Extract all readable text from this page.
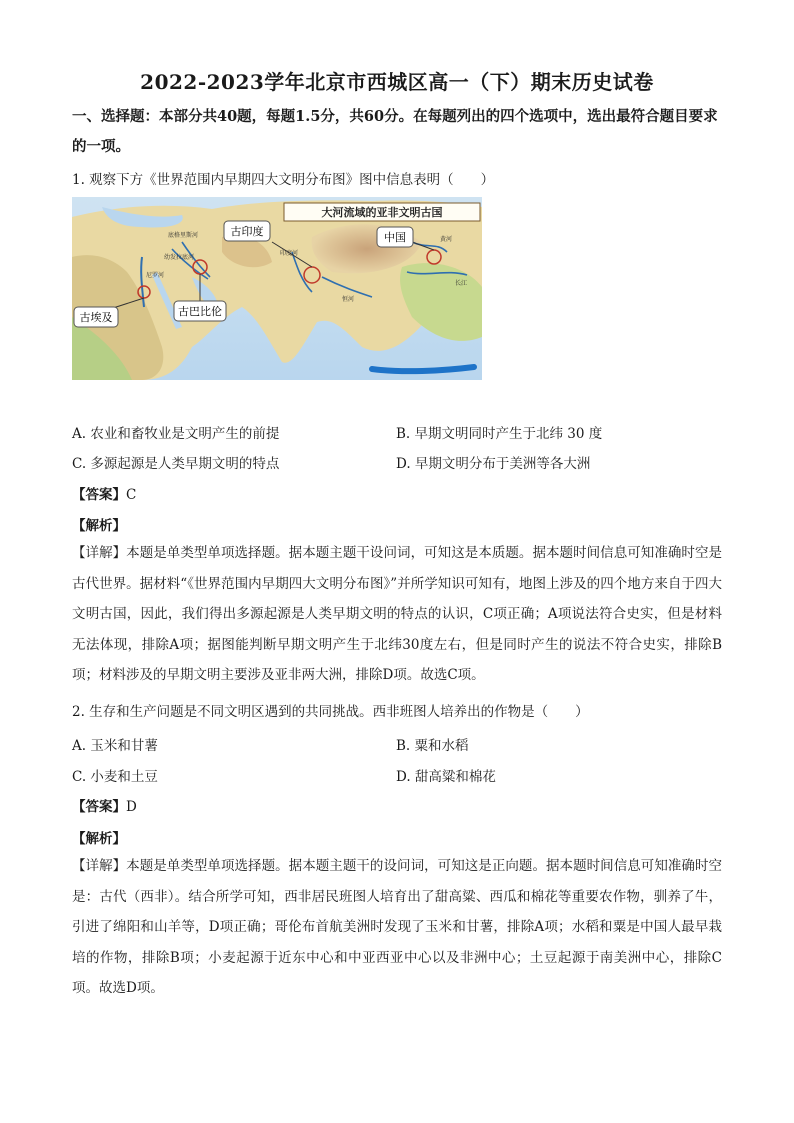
2022-2023学年北京市西城区高一（下）期末历史试卷
一、选择题：本部分共40题，每题1.5分，共60分。在每题列出的四个选项中，选出最符合题目要求的一项。
1. 观察下方《世界范围内早期四大文明分布图》图中信息表明（　　）
大河流域的亚非文明古国
古印度	中国
古埃及	古巴比伦
底格里斯河
幼发拉底河
尼罗河
恒河
印度河
黄河
长江
A. 农业和畜牧业是文明产生的前提	B. 早期文明同时产生于北纬 30 度
C. 多源起源是人类早期文明的特点	D. 早期文明分布于美洲等各大洲
【答案】C
【解析】
【详解】本题是单类型单项选择题。据本题主题干设问词，可知这是本质题。据本题时间信息可知准确时空是古代世界。据材料“《世界范围内早期四大文明分布图》”并所学知识可知有，地图上涉及的四个地方来自于四大文明古国，因此，我们得出多源起源是人类早期文明的特点的认识，C项正确；A项说法符合史实，但是材料无法体现，排除A项；据图能判断早期文明产生于北纬30度左右，但是同时产生的说法不符合史实，排除B项；材料涉及的早期文明主要涉及亚非两大洲，排除D项。故选C项。
2. 生存和生产问题是不同文明区遇到的共同挑战。西非班图人培养出的作物是（　　）
A. 玉米和甘薯	B. 粟和水稻
C. 小麦和土豆	D. 甜高粱和棉花
【答案】D
【解析】
【详解】本题是单类型单项选择题。据本题主题干的设问词，可知这是正向题。据本题时间信息可知准确时空是：古代（西非）。结合所学可知，西非居民班图人培育出了甜高粱、西瓜和棉花等重要农作物，驯养了牛，引进了绵阳和山羊等，D项正确；哥伦布首航美洲时发现了玉米和甘薯，排除A项；水稻和粟是中国人最早栽培的作物，排除B项；小麦起源于近东中心和中亚西亚中心以及非洲中心；土豆起源于南美洲中心，排除C项。故选D项。
